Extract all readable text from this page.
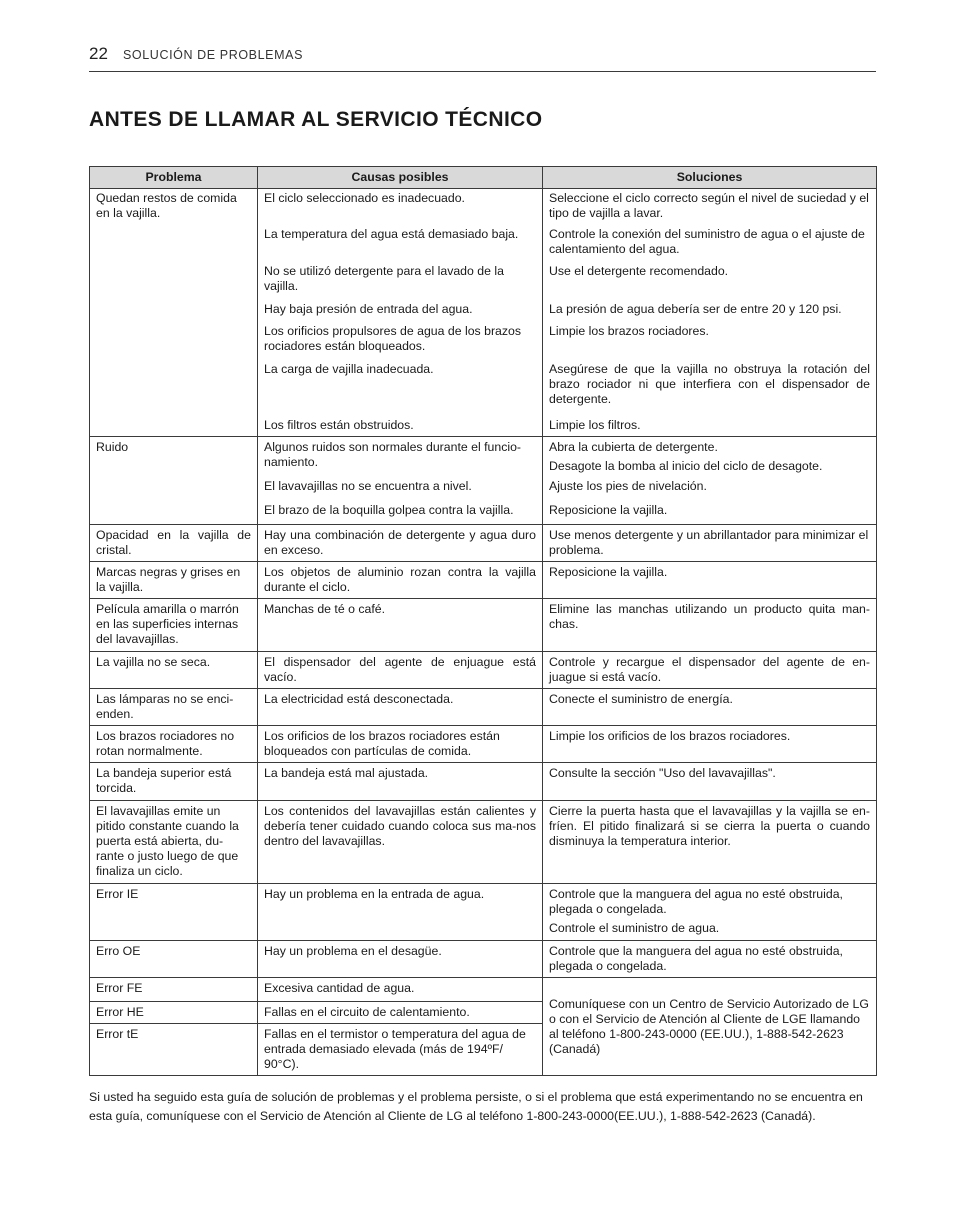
22 SOLUCIÓN DE PROBLEMAS
ANTES DE LLAMAR AL SERVICIO TÉCNICO
Problema	Causas posibles	Soluciones
Quedan restos de comida en la vajilla.	El ciclo seleccionado es inadecuado.	Seleccione el ciclo correcto según el nivel de suciedad y el tipo de vajilla a lavar.
	La temperatura del agua está demasiado baja.	Controle la conexión del suministro de agua o el ajuste de calentamiento del agua.
	No se utilizó detergente para el lavado de la vajilla.	Use el detergente recomendado.
	Hay baja presión de entrada del agua.	La presión de agua debería ser de entre 20 y 120 psi.
	Los orificios propulsores de agua de los brazos rociadores están bloqueados.	Limpie los brazos rociadores.
	La carga de vajilla inadecuada.	Asegúrese de que la vajilla no obstruya la rotación del brazo rociador ni que interfiera con el dispensador de detergente.
	Los filtros están obstruidos.	Limpie los filtros.
Ruido	Algunos ruidos son normales durante el funcio-namiento.	Abra la cubierta de detergente.
Desagote la bomba al inicio del ciclo de desagote.

	El lavavajillas no se encuentra a nivel.	Ajuste los pies de nivelación.
	El brazo de la boquilla golpea contra la vajilla.	Reposicione la vajilla.
Opacidad en la vajilla de cristal.	Hay una combinación de detergente y agua duro en exceso.	Use menos detergente y un abrillantador para minimizar el problema.
Marcas negras y grises en la vajilla.	Los objetos de aluminio rozan contra la vajilla durante el ciclo.	Reposicione la vajilla.
Película amarilla o marrón en las superficies internas del lavavajillas.	Manchas de té o café.	Elimine las manchas utilizando un producto quita man-chas.
La vajilla no se seca.	El dispensador del agente de enjuague está vacío.	Controle y recargue el dispensador del agente de en-juague si está vacío.
Las lámparas no se enci-enden.	La electricidad está desconectada.	Conecte el suministro de energía.
Los brazos rociadores no rotan normalmente.	Los orificios de los brazos rociadores están bloqueados con partículas de comida.	Limpie los orificios de los brazos rociadores.
La bandeja superior está torcida.	La bandeja está mal ajustada.	Consulte la sección "Uso del lavavajillas".
El lavavajillas emite un pitido constante cuando la puerta está abierta, du-rante o justo luego de que finaliza un ciclo.	Los contenidos del lavavajillas están calientes y debería tener cuidado cuando coloca sus ma-nos dentro del lavavajillas.	Cierre la puerta hasta que el lavavajillas y la vajilla se en-fríen. El pitido finalizará si se cierra la puerta o cuando disminuya la temperatura interior.
Error IE	Hay un problema en la entrada de agua.	Controle que la manguera del agua no esté obstruida, plegada o congelada.
Controle el suministro de agua.

Erro OE	Hay un problema en el desagüe.	Controle que la manguera del agua no esté obstruida, plegada o congelada.
Error FE	Excesiva cantidad de agua.	Comuníquese con un Centro de Servicio Autorizado de LG o con el Servicio de Atención al Cliente de LGE llamando al teléfono 1-800-243-0000 (EE.UU.), 1-888-542-2623 (Canadá)
Error HE	Fallas en el circuito de calentamiento.	
Error tE	Fallas en el termistor o temperatura del agua de entrada demasiado elevada (más de 194ºF/ 90°C).	

Si usted ha seguido esta guía de solución de problemas y el problema persiste, o si el problema que está experimentando no se encuentra en esta guía, comuníquese con el Servicio de Atención al Cliente de LG al teléfono 1-800-243-0000(EE.UU.), 1-888-542-2623 (Canadá).
